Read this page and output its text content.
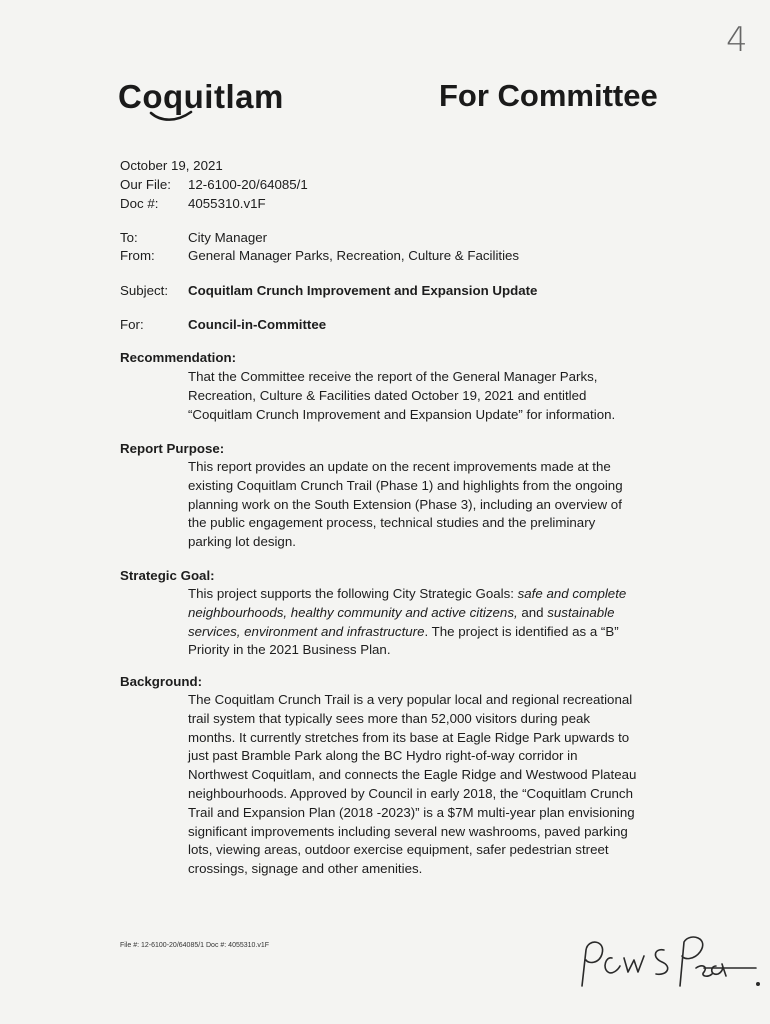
4
Coquitlam	For Committee
October 19, 2021
Our File: 12-6100-20/64085/1
Doc #: 4055310.v1F
To:	City Manager
From:	General Manager Parks, Recreation, Culture & Facilities
Subject: Coquitlam Crunch Improvement and Expansion Update
For:	Council-in-Committee
Recommendation:
That the Committee receive the report of the General Manager Parks,
Recreation, Culture & Facilities dated October 19, 2021 and entitled
“Coquitlam Crunch Improvement and Expansion Update” for information.
Report Purpose:
This report provides an update on the recent improvements made at the
existing Coquitlam Crunch Trail (Phase 1) and highlights from the ongoing
planning work on the South Extension (Phase 3), including an overview of
the public engagement process, technical studies and the preliminary
parking lot design.
Strategic Goal:
This project supports the following City Strategic Goals: safe and complete
neighbourhoods, healthy community and active citizens, and sustainable
services, environment and infrastructure. The project is identified as a “B”
Priority in the 2021 Business Plan.
Background:
The Coquitlam Crunch Trail is a very popular local and regional recreational
trail system that typically sees more than 52,000 visitors during peak
months. It currently stretches from its base at Eagle Ridge Park upwards to
just past Bramble Park along the BC Hydro right-of-way corridor in
Northwest Coquitlam, and connects the Eagle Ridge and Westwood Plateau
neighbourhoods. Approved by Council in early 2018, the “Coquitlam Crunch
Trail and Expansion Plan (2018 -2023)” is a $7M multi-year plan envisioning
significant improvements including several new washrooms, paved parking
lots, viewing areas, outdoor exercise equipment, safer pedestrian street
crossings, signage and other amenities.
File #: 12-6100-20/64085/1 Doc #: 4055310.v1F
